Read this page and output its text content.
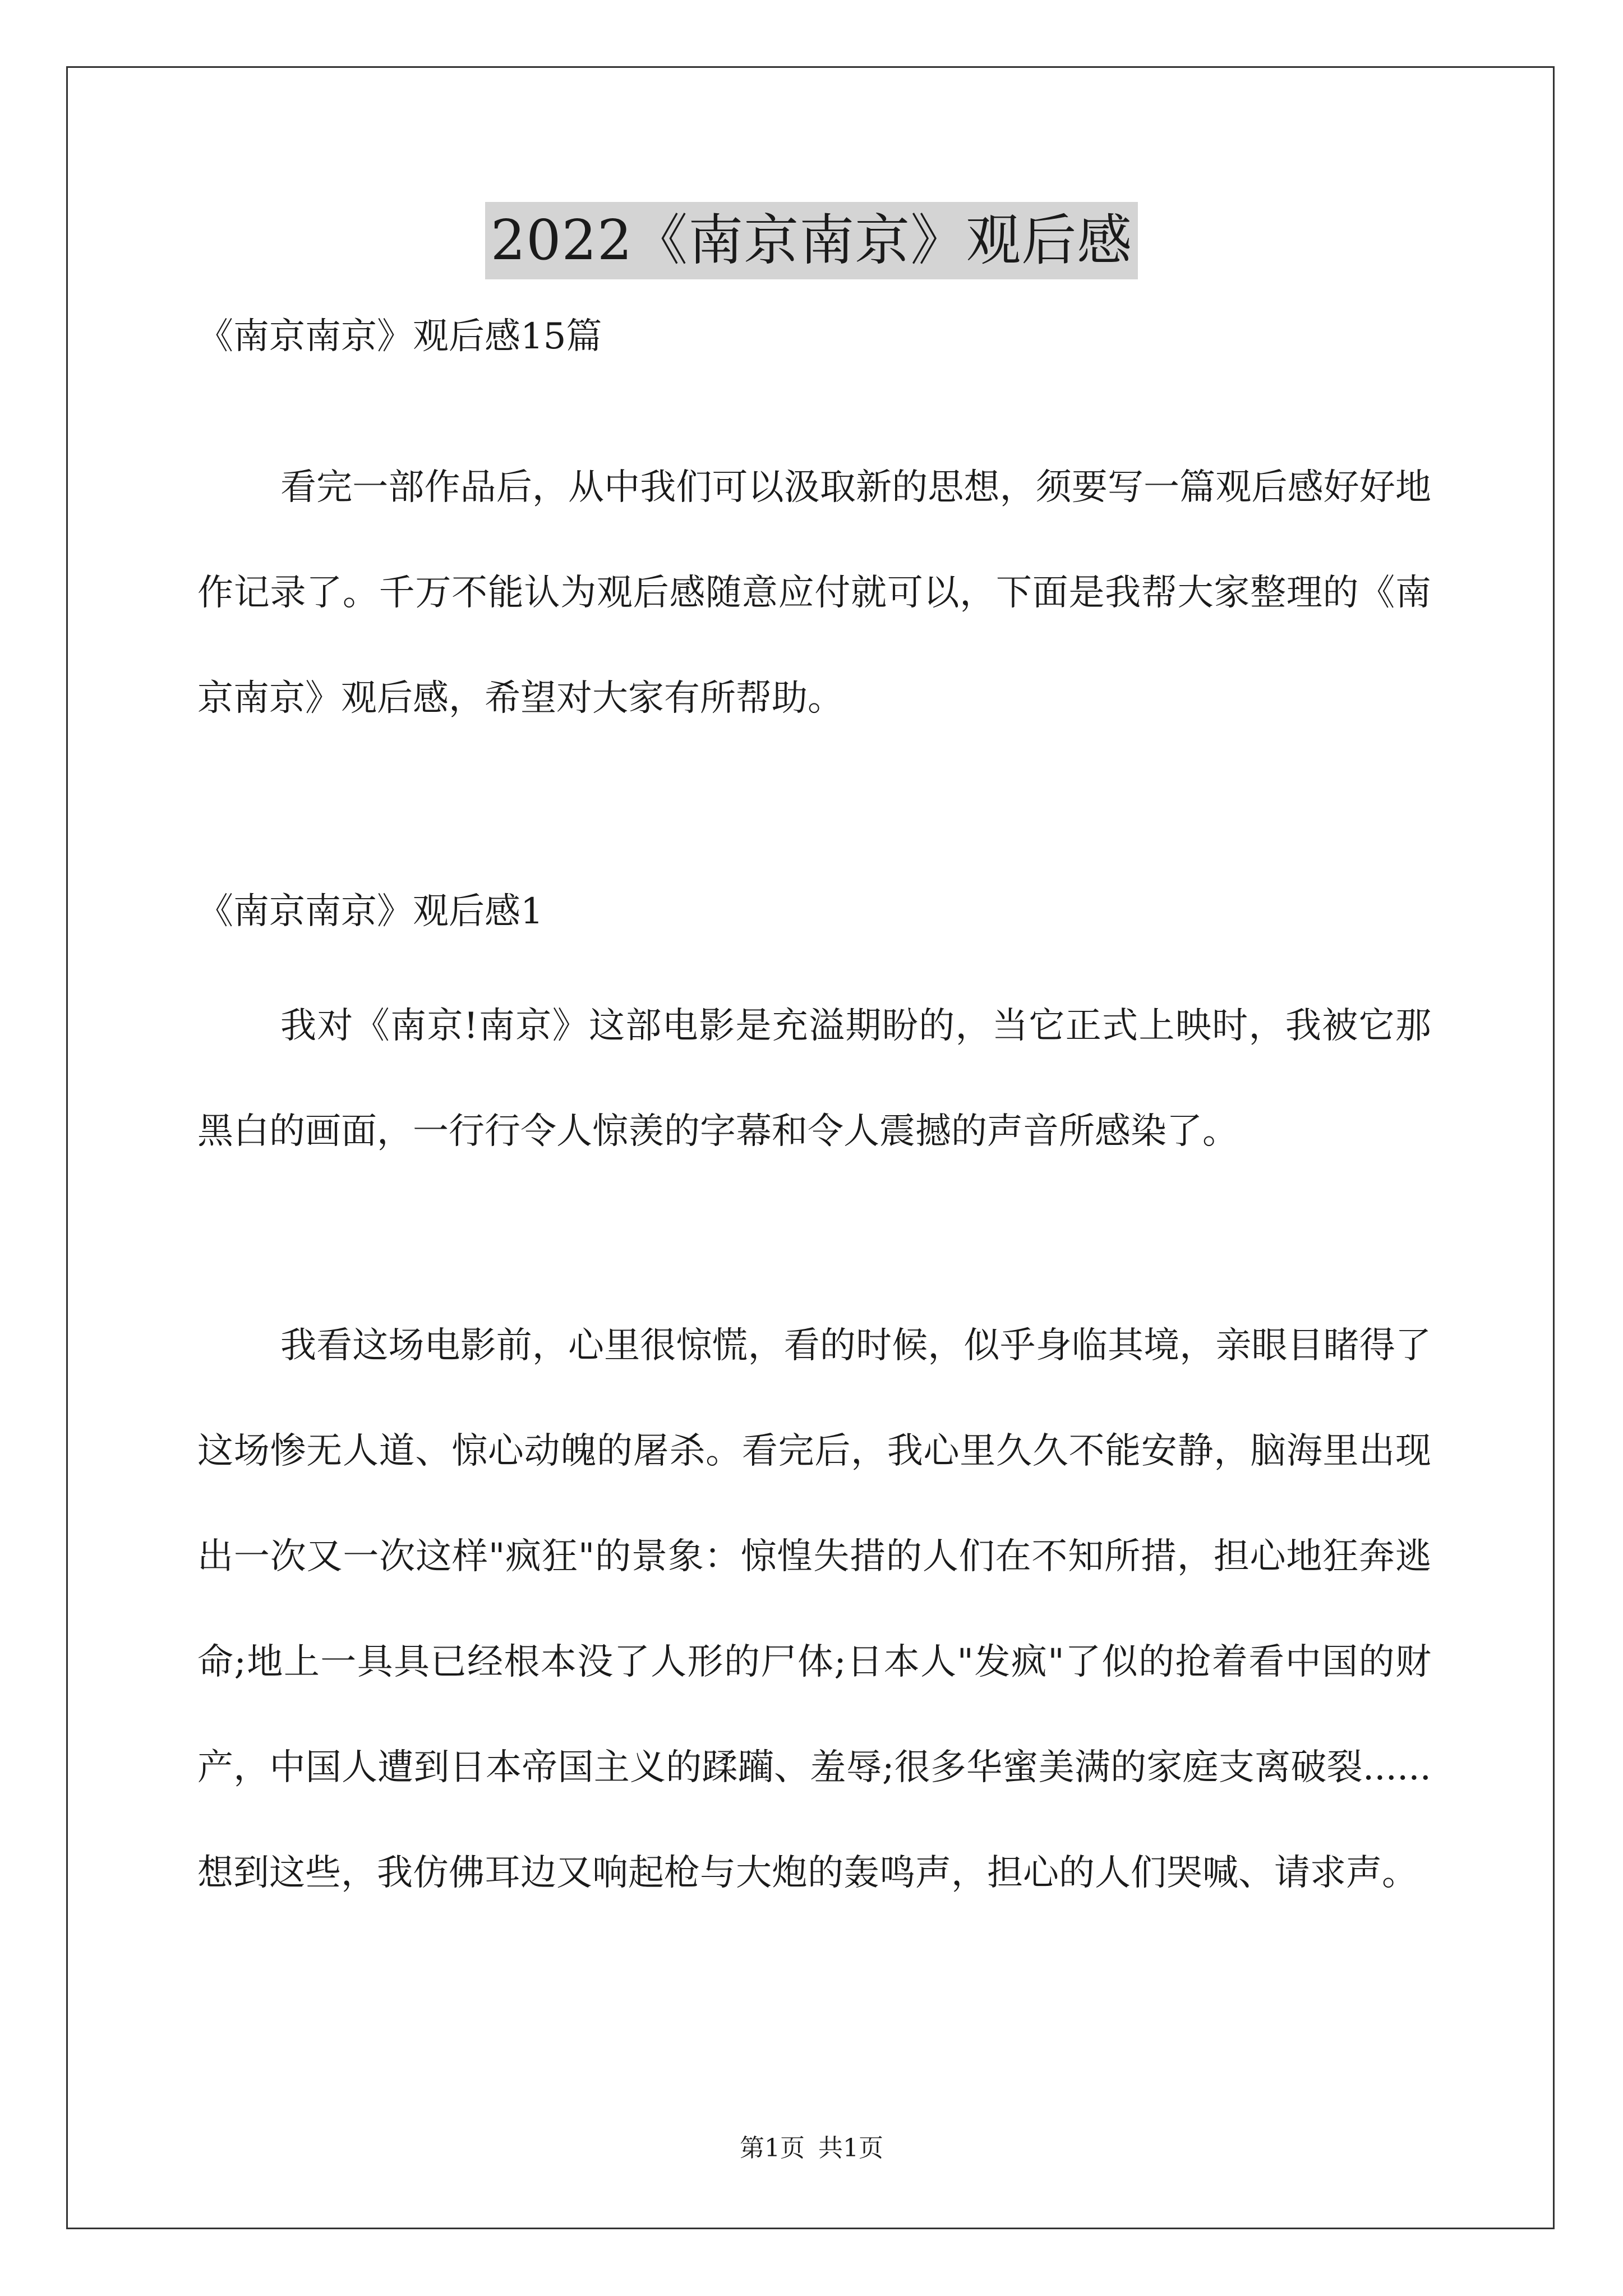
2022《南京南京》观后感
《南京南京》观后感15篇

看完一部作品后，从中我们可以汲取新的思想，须要写一篇观后感好好地作记录了。千万不能认为观后感随意应付就可以，下面是我帮大家整理的《南京南京》观后感，希望对大家有所帮助。

《南京南京》观后感1

我对《南京!南京》这部电影是充溢期盼的，当它正式上映时，我被它那黑白的画面，一行行令人惊羡的字幕和令人震撼的声音所感染了。

我看这场电影前，心里很惊慌，看的时候，似乎身临其境，亲眼目睹得了这场惨无人道、惊心动魄的屠杀。看完后，我心里久久不能安静，脑海里出现出一次又一次这样"疯狂"的景象：惊惶失措的人们在不知所措，担心地狂奔逃命;地上一具具已经根本没了人形的尸体;日本人"发疯"了似的抢着看中国的财产，中国人遭到日本帝国主义的蹂躏、羞辱;很多华蜜美满的家庭支离破裂......想到这些，我仿佛耳边又响起枪与大炮的轰鸣声，担心的人们哭喊、请求声。

第1页 共1页
